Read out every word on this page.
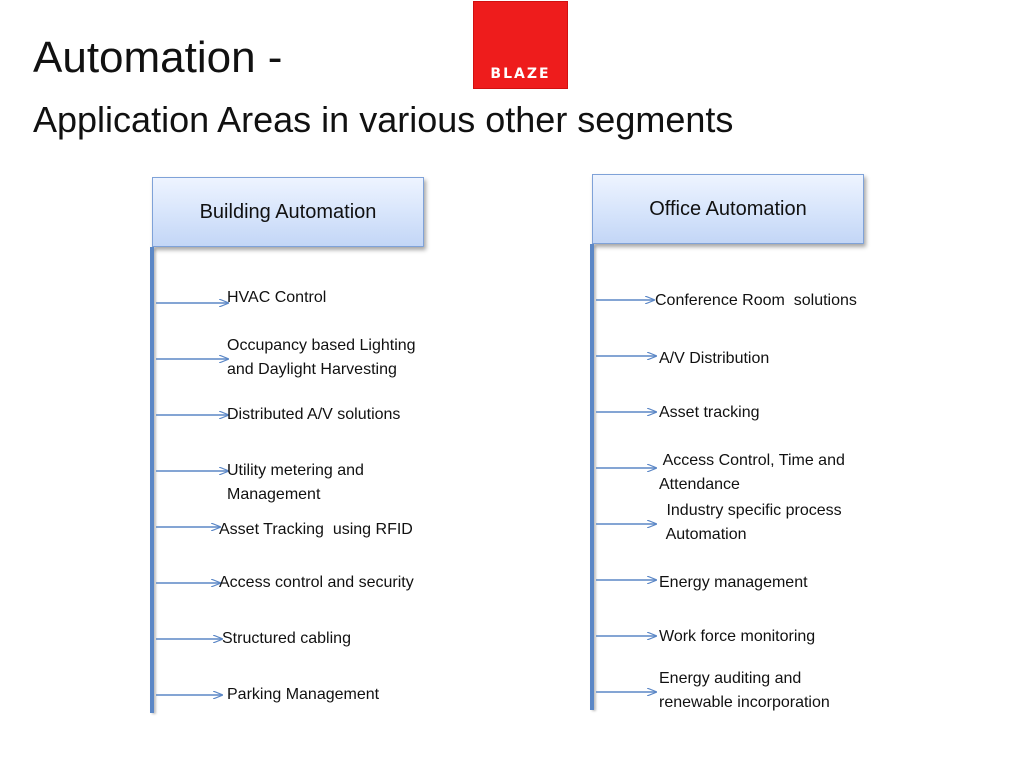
Automation -
Application Areas in various other segments
BLAZE
Building Automation	Office Automation
HVAC Control
Occupancy based Lighting
and Daylight Harvesting
Distributed A/V solutions
Utility metering and
Management
Asset Tracking  using RFID
Access control and security
Structured cabling
Parking Management
Conference Room  solutions
A/V Distribution
Asset tracking
Access Control, Time and
Attendance
Industry specific process
Automation
Energy management
Work force monitoring
Energy auditing and
renewable incorporation
